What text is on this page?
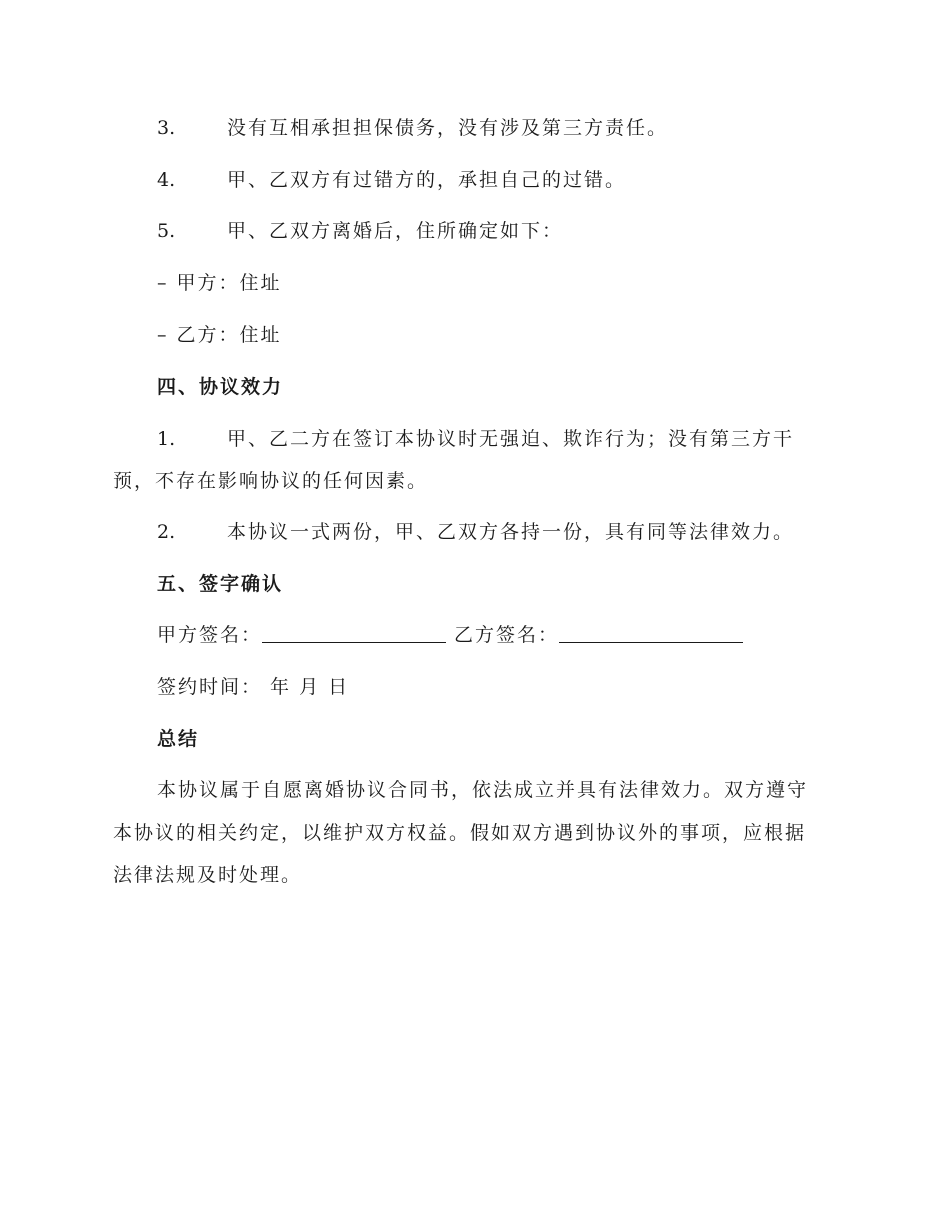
3.	没有互相承担担保债务，没有涉及第三方责任。
4.	甲、乙双方有过错方的，承担自己的过错。
5.	甲、乙双方离婚后，住所确定如下：
– 甲方：住址
– 乙方：住址
四、协议效力
1.	甲、乙二方在签订本协议时无强迫、欺诈行为；没有第三方干
预，不存在影响协议的任何因素。
2.	本协议一式两份，甲、乙双方各持一份，具有同等法律效力。
五、签字确认
甲方签名：	乙方签名：
签约时间： 年 月 日
总结
本协议属于自愿离婚协议合同书，依法成立并具有法律效力。双方遵守
本协议的相关约定，以维护双方权益。假如双方遇到协议外的事项，应根据
法律法规及时处理。
